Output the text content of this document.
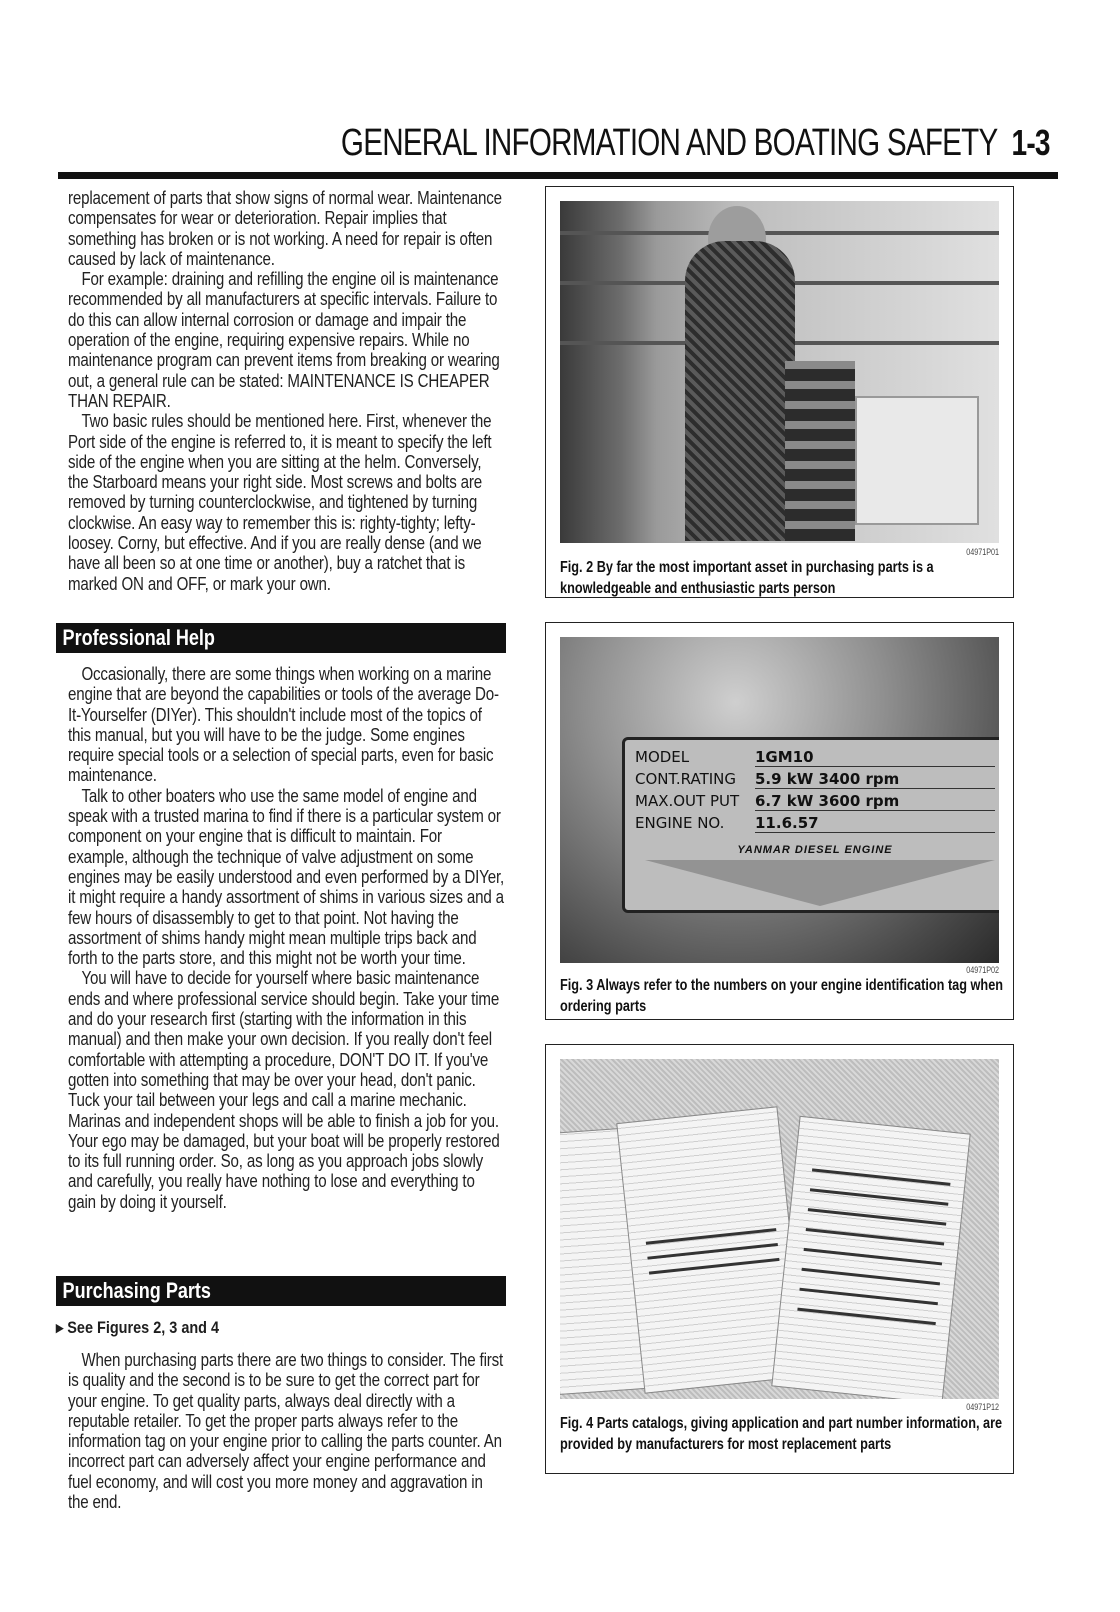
GENERAL INFORMATION AND BOATING SAFETY 1-3

replacement of parts that show signs of normal wear. Maintenance compensates for wear or deterioration. Repair implies that something has broken or is not working. A need for repair is often caused by lack of maintenance.

For example: draining and refilling the engine oil is maintenance recommended by all manufacturers at specific intervals. Failure to do this can allow internal corrosion or damage and impair the operation of the engine, requiring expensive repairs. While no maintenance program can prevent items from breaking or wearing out, a general rule can be stated: MAINTENANCE IS CHEAPER THAN REPAIR.

Two basic rules should be mentioned here. First, whenever the Port side of the engine is referred to, it is meant to specify the left side of the engine when you are sitting at the helm. Conversely, the Starboard means your right side. Most screws and bolts are removed by turning counterclockwise, and tightened by turning clockwise. An easy way to remember this is: righty-tighty; lefty-loosey. Corny, but effective. And if you are really dense (and we have all been so at one time or another), buy a ratchet that is marked ON and OFF, or mark your own.

Professional Help

Occasionally, there are some things when working on a marine engine that are beyond the capabilities or tools of the average Do-It-Yourselfer (DIYer). This shouldn't include most of the topics of this manual, but you will have to be the judge. Some engines require special tools or a selection of special parts, even for basic maintenance.

Talk to other boaters who use the same model of engine and speak with a trusted marina to find if there is a particular system or component on your engine that is difficult to maintain. For example, although the technique of valve adjustment on some engines may be easily understood and even performed by a DIYer, it might require a handy assortment of shims in various sizes and a few hours of disassembly to get to that point. Not having the assortment of shims handy might mean multiple trips back and forth to the parts store, and this might not be worth your time.

You will have to decide for yourself where basic maintenance ends and where professional service should begin. Take your time and do your research first (starting with the information in this manual) and then make your own decision. If you really don't feel comfortable with attempting a procedure, DON'T DO IT. If you've gotten into something that may be over your head, don't panic. Tuck your tail between your legs and call a marine mechanic. Marinas and independent shops will be able to finish a job for you. Your ego may be damaged, but your boat will be properly restored to its full running order. So, as long as you approach jobs slowly and carefully, you really have nothing to lose and everything to gain by doing it yourself.

Purchasing Parts
▸ See Figures 2, 3 and 4

When purchasing parts there are two things to consider. The first is quality and the second is to be sure to get the correct part for your engine. To get quality parts, always deal directly with a reputable retailer. To get the proper parts always refer to the information tag on your engine prior to calling the parts counter. An incorrect part can adversely affect your engine performance and fuel economy, and will cost you more money and aggravation in the end.

04971P01
Fig. 2 By far the most important asset in purchasing parts is a knowledgeable and enthusiastic parts person
MODEL	1GM10
CONT.RATING 5.9 kW 3400 rpm
MAX.OUT PUT 6.7 kW 3600 rpm
ENGINE NO. 11.6.57
YANMAR DIESEL ENGINE
04971P02
Fig. 3 Always refer to the numbers on your engine identification tag when ordering parts
04971P12
Fig. 4 Parts catalogs, giving application and part number information, are provided by manufacturers for most replacement parts
